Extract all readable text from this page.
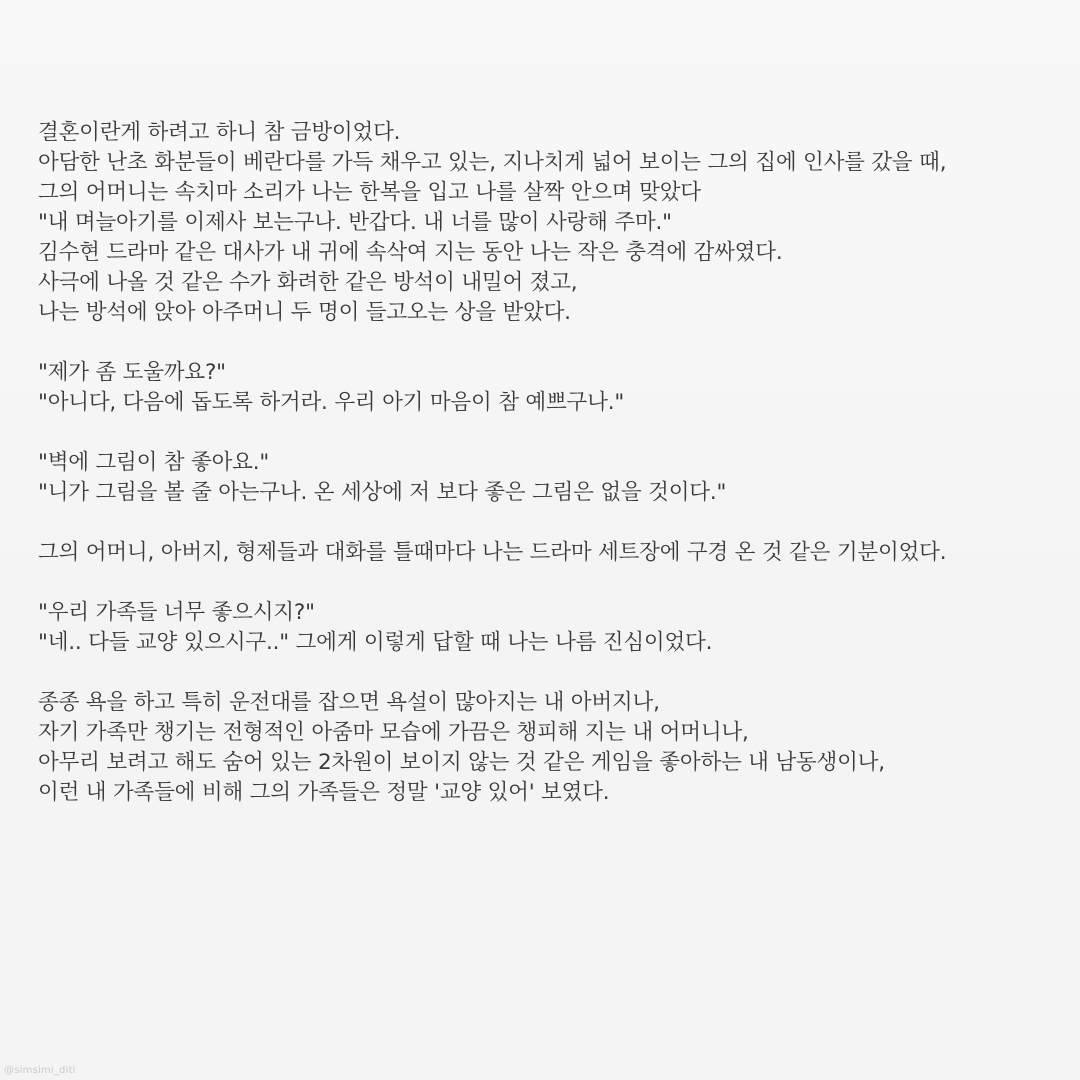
결혼이란게 하려고 하니 참 금방이었다.
아담한 난초 화분들이 베란다를 가득 채우고 있는, 지나치게 넓어 보이는 그의 집에 인사를 갔을 때,
그의 어머니는 속치마 소리가 나는 한복을 입고 나를 살짝 안으며 맞았다
"내 며늘아기를 이제사 보는구나. 반갑다. 내 너를 많이 사랑해 주마."
김수현 드라마 같은 대사가 내 귀에 속삭여 지는 동안 나는 작은 충격에 감싸였다.
사극에 나올 것 같은 수가 화려한 같은 방석이 내밀어 졌고,
나는 방석에 앉아 아주머니 두 명이 들고오는 상을 받았다.
"제가 좀 도울까요?"
"아니다, 다음에 돕도록 하거라. 우리 아기 마음이 참 예쁘구나."
"벽에 그림이 참 좋아요."
"니가 그림을 볼 줄 아는구나. 온 세상에 저 보다 좋은 그림은 없을 것이다."
그의 어머니, 아버지, 형제들과 대화를 틀때마다 나는 드라마 세트장에 구경 온 것 같은 기분이었다.
"우리 가족들 너무 좋으시지?"
"네.. 다들 교양 있으시구.." 그에게 이렇게 답할 때 나는 나름 진심이었다.
종종 욕을 하고 특히 운전대를 잡으면 욕설이 많아지는 내 아버지나,
자기 가족만 챙기는 전형적인 아줌마 모습에 가끔은 챙피해 지는 내 어머니나,
아무리 보려고 해도 숨어 있는 2차원이 보이지 않는 것 같은 게임을 좋아하는 내 남동생이나,
이런 내 가족들에 비해 그의 가족들은 정말 '교양 있어' 보였다.
@simsimi_diti
